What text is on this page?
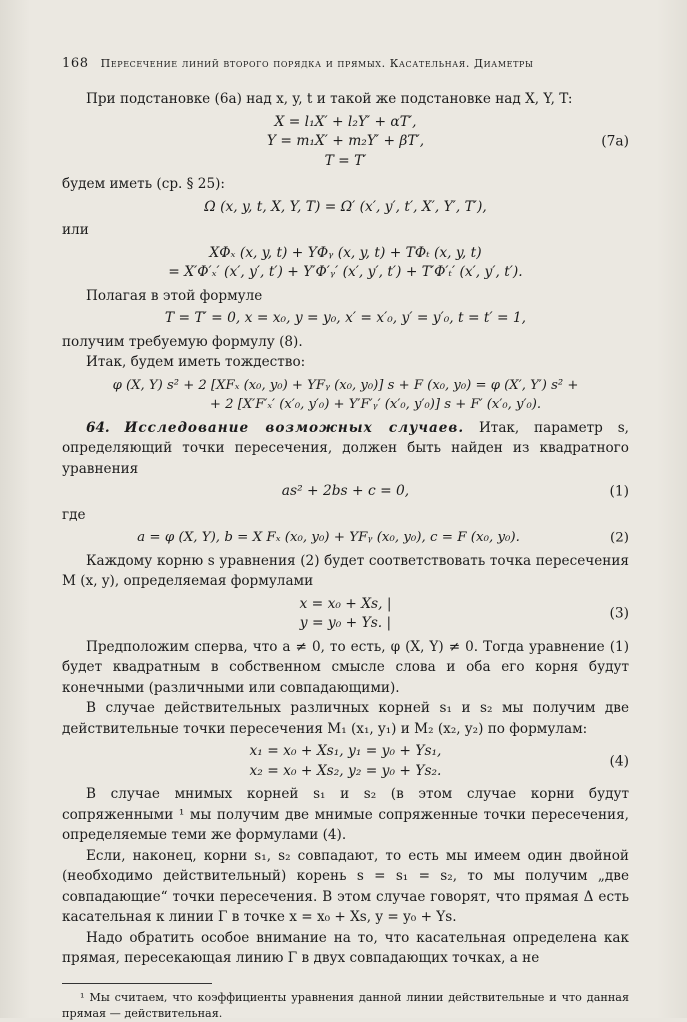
168 Пересечение линий второго порядка и прямых. Касательная. Диаметры

При подстановке (6а) над x, y, t и такой же подстановке над X, Y, T:

X = l₁X′ + l₂Y′ + αT′,
Y = m₁X′ + m₂Y′ + βT′,
T = T′
(7а)

будем иметь (ср. § 25):

Ω (x, y, t, X, Y, T) = Ω′ (x′, y′, t′, X′, Y′, T′),

или

XΦₓ (x, y, t) + YΦᵧ (x, y, t) + TΦₜ (x, y, t)
= X′Φ′ₓ′ (x′, y′, t′) + Y′Φ′ᵧ′ (x′, y′, t′) + T′Φ′ₜ′ (x′, y′, t′).

Полагая в этой формуле

T = T′ = 0, x = x₀, y = y₀, x′ = x′₀, y′ = y′₀, t = t′ = 1,

получим требуемую формулу (8).

Итак, будем иметь тождество:

φ (X, Y) s² + 2 [XFₓ (x₀, y₀) + YFᵧ (x₀, y₀)] s + F (x₀, y₀) = φ (X′, Y′) s² +
+ 2 [X′F′ₓ′ (x′₀, y′₀) + Y′F′ᵧ′ (x′₀, y′₀)] s + F′ (x′₀, y′₀).

64. Исследование возможных случаев. Итак, параметр s, определяющий точки пересечения, должен быть найден из квадратного уравнения

as² + 2bs + c = 0,	(1)

где

a = φ (X, Y), b = X Fₓ (x₀, y₀) + YFᵧ (x₀, y₀), c = F (x₀, y₀).	(2)

Каждому корню s уравнения (2) будет соответствовать точка пересечения M (x, y), определяемая формулами

x = x₀ + Xs, |
y = y₀ + Ys. |
(3)

Предположим сперва, что a ≠ 0, то есть, φ (X, Y) ≠ 0. Тогда уравнение (1) будет квадратным в собственном смысле слова и оба его корня будут конечными (различными или совпадающими).

В случае действительных различных корней s₁ и s₂ мы получим две действительные точки пересечения M₁ (x₁, y₁) и M₂ (x₂, y₂) по формулам:

x₁ = x₀ + Xs₁, y₁ = y₀ + Ys₁,
x₂ = x₀ + Xs₂, y₂ = y₀ + Ys₂.
(4)

В случае мнимых корней s₁ и s₂ (в этом случае корни будут сопряженными ¹ мы получим две мнимые сопряженные точки пересечения, определяемые теми же формулами (4).

Если, наконец, корни s₁, s₂ совпадают, то есть мы имеем один двойной (необходимо действительный) корень s = s₁ = s₂, то мы получим „две совпадающие“ точки пересечения. В этом случае говорят, что прямая Δ есть касательная к линии Γ в точке x = x₀ + Xs, y = y₀ + Ys.

Надо обратить особое внимание на то, что касательная определена как прямая, пересекающая линию Γ в двух совпадающих точках, а не

¹ Мы считаем, что коэффициенты уравнения данной линии действительные и что данная прямая — действительная.
